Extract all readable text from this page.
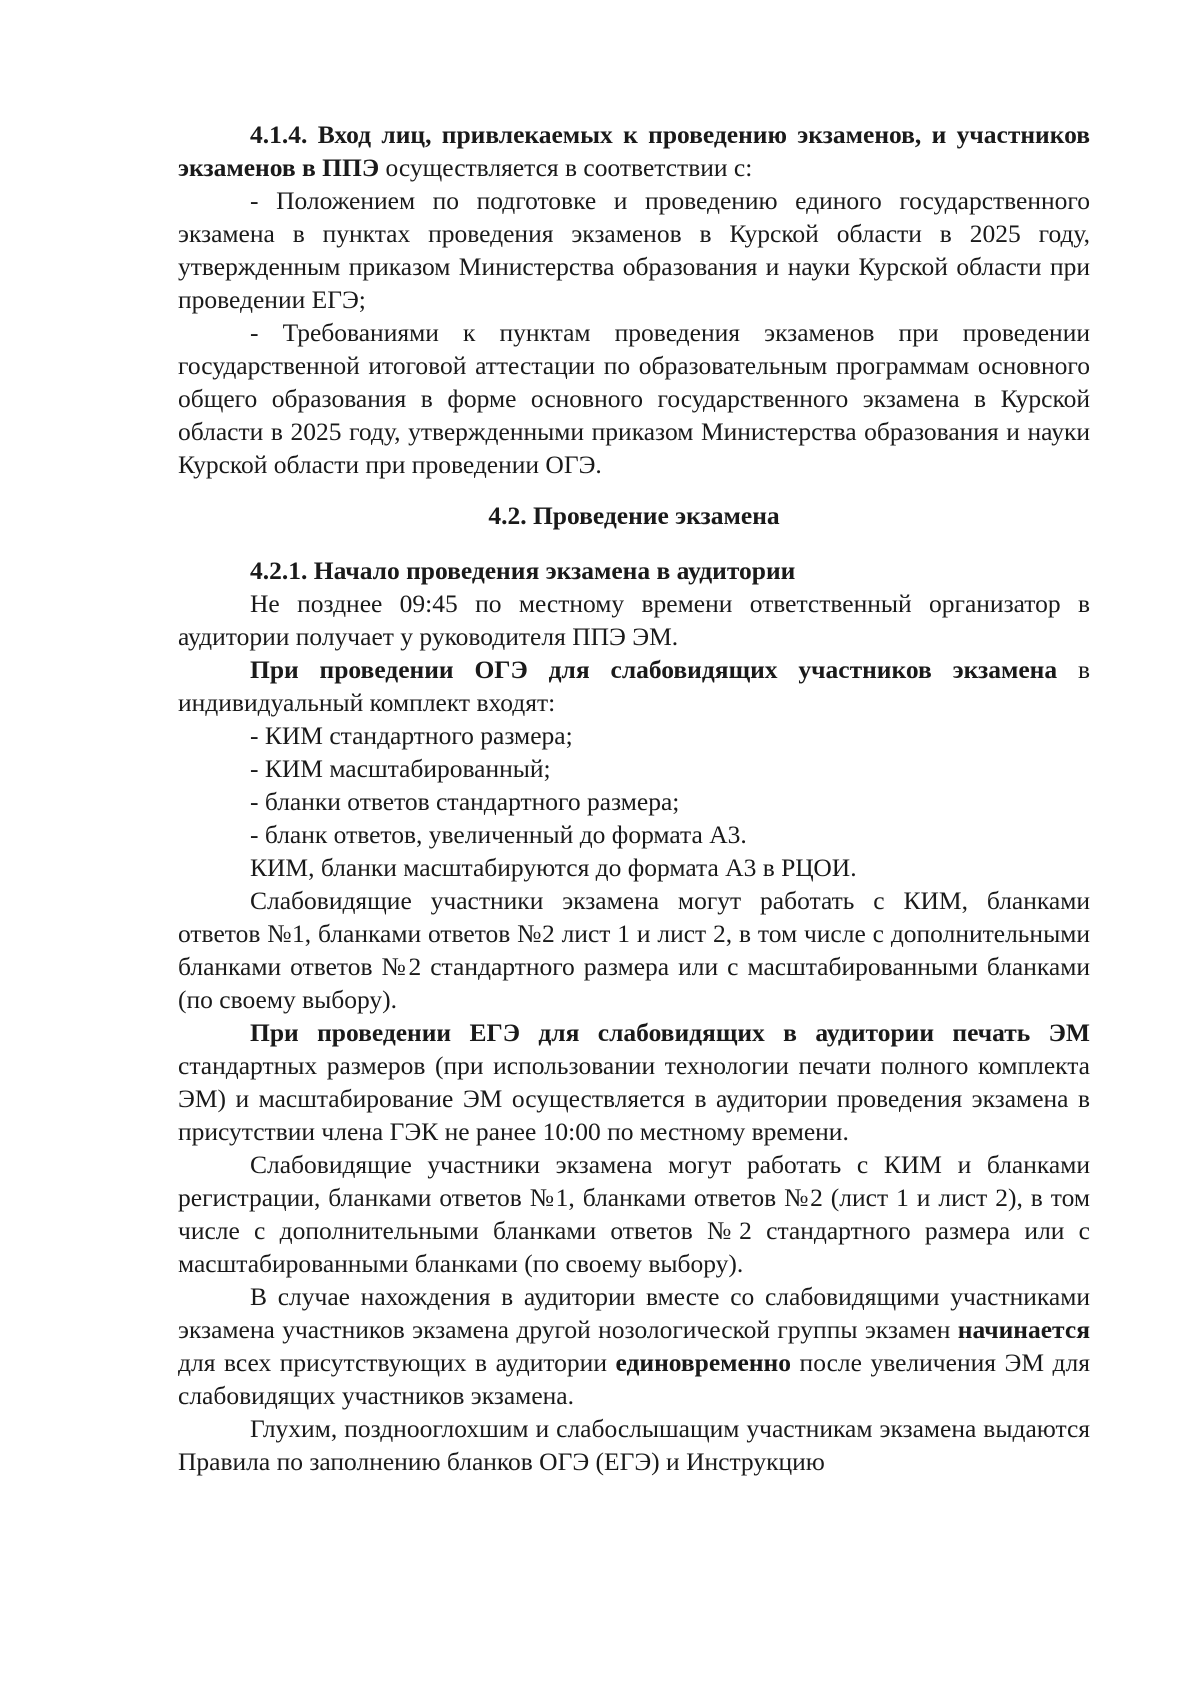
4.1.4. Вход лиц, привлекаемых к проведению экзаменов, и участников экзаменов в ППЭ осуществляется в соответствии с:

- Положением по подготовке и проведению единого государственного экзамена в пунктах проведения экзаменов в Курской области в 2025 году, утвержденным приказом Министерства образования и науки Курской области при проведении ЕГЭ;

- Требованиями к пунктам проведения экзаменов при проведении государственной итоговой аттестации по образовательным программам основного общего образования в форме основного государственного экзамена в Курской области в 2025 году, утвержденными приказом Министерства образования и науки Курской области при проведении ОГЭ.

4.2. Проведение экзамена

4.2.1. Начало проведения экзамена в аудитории

Не позднее 09:45 по местному времени ответственный организатор в аудитории получает у руководителя ППЭ ЭМ.

При проведении ОГЭ для слабовидящих участников экзамена в индивидуальный комплект входят:

- КИМ стандартного размера;

- КИМ масштабированный;

- бланки ответов стандартного размера;

- бланк ответов, увеличенный до формата А3.

КИМ, бланки масштабируются до формата А3 в РЦОИ.

Слабовидящие участники экзамена могут работать с КИМ, бланками ответов №1, бланками ответов №2 лист 1 и лист 2, в том числе с дополнительными бланками ответов №2 стандартного размера или с масштабированными бланками (по своему выбору).

При проведении ЕГЭ для слабовидящих в аудитории печать ЭМ стандартных размеров (при использовании технологии печати полного комплекта ЭМ) и масштабирование ЭМ осуществляется в аудитории проведения экзамена в присутствии члена ГЭК не ранее 10:00 по местному времени.

Слабовидящие участники экзамена могут работать с КИМ и бланками регистрации, бланками ответов №1, бланками ответов №2 (лист 1 и лист 2), в том числе с дополнительными бланками ответов №2 стандартного размера или с масштабированными бланками (по своему выбору).

В случае нахождения в аудитории вместе со слабовидящими участниками экзамена участников экзамена другой нозологической группы экзамен начинается для всех присутствующих в аудитории единовременно после увеличения ЭМ для слабовидящих участников экзамена.

Глухим, позднооглохшим и слабослышащим участникам экзамена выдаются Правила по заполнению бланков ОГЭ (ЕГЭ) и Инструкцию
